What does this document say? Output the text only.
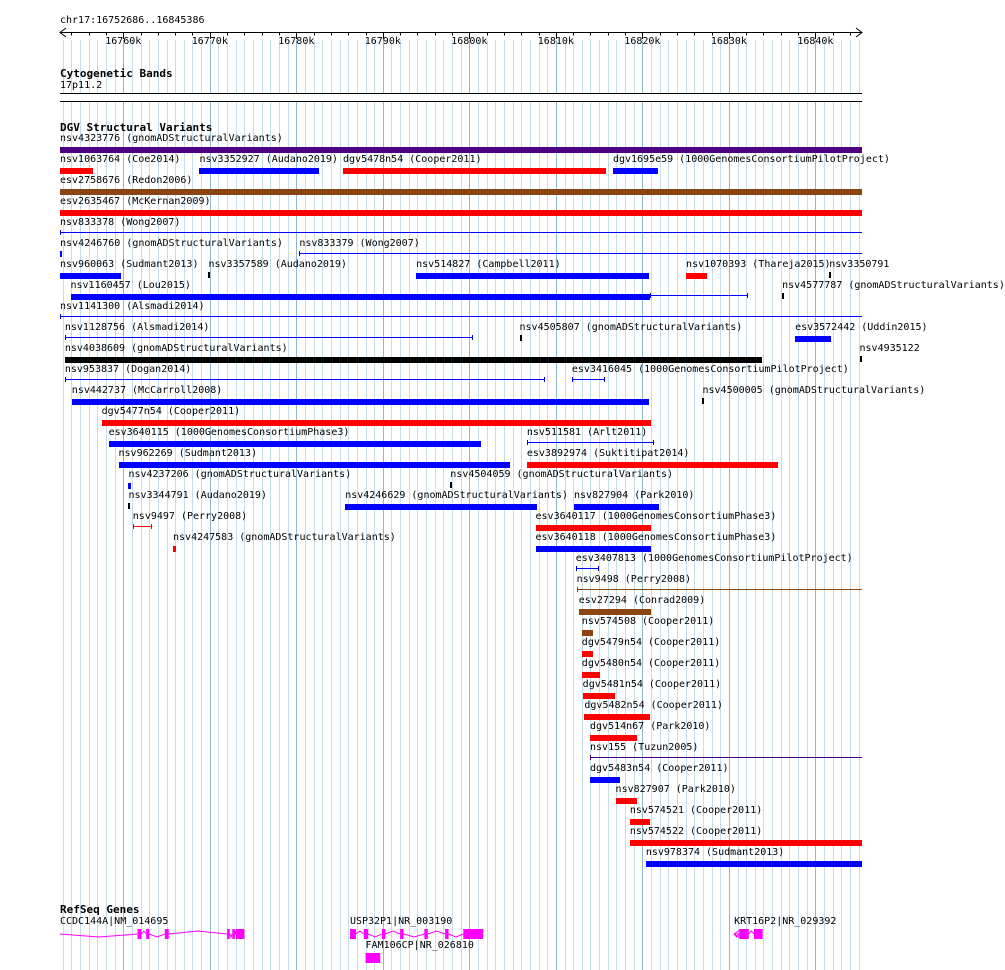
chr17:16752686..16845386
16760k	16770k	16780k	16790k	16800k	16810k	16820k	16830k	16840k
Cytogenetic Bands
17p11.2
DGV Structural Variants
nsv4323776 (gnomADStructuralVariants)
nsv1063764 (Coe2014) nsv3352927 (Audano2019) dgv5478n54 (Cooper2011)	dgv1695e59 (1000GenomesConsortiumPilotProject)
esv2758676 (Redon2006)
esv2635467 (McKernan2009)
nsv833378 (Wong2007)
nsv4246760 (gnomADStructuralVariants) nsv833379 (Wong2007)
nsv960063 (Sudmant2013) nsv3357589 (Audano2019)	nsv514827 (Campbell2011)	nsv1070393 (Thareja2015)
nsv3350791
nsv1160457 (Lou2015)	nsv4577787 (gnomADStructuralVariants)
nsv1141300 (Alsmadi2014)
nsv1128756 (Alsmadi2014)	nsv4505807 (gnomADStructuralVariants)	esv3572442 (Uddin2015)
nsv4038609 (gnomADStructuralVariants)	nsv4935122
nsv953837 (Dogan2014)	esv3416045 (1000GenomesConsortiumPilotProject)
nsv442737 (McCarroll2008)	nsv4500005 (gnomADStructuralVariants)
dgv5477n54 (Cooper2011)
esv3640115 (1000GenomesConsortiumPhase3)	nsv511581 (Arlt2011)
nsv962269 (Sudmant2013)	esv3892974 (Suktitipat2014)
nsv4237206 (gnomADStructuralVariants)	nsv4504059 (gnomADStructuralVariants)
nsv3344791 (Audano2019)	nsv4246629 (gnomADStructuralVariants) nsv827904 (Park2010)
nsv9497 (Perry2008)	esv3640117 (1000GenomesConsortiumPhase3)
nsv4247583 (gnomADStructuralVariants)	esv3640118 (1000GenomesConsortiumPhase3)
esv3407813 (1000GenomesConsortiumPilotProject)
nsv9498 (Perry2008)
esv27294 (Conrad2009)
nsv574508 (Cooper2011)
dgv5479n54 (Cooper2011)
dgv5480n54 (Cooper2011)
dgv5481n54 (Cooper2011)
dgv5482n54 (Cooper2011)
dgv514n67 (Park2010)
nsv155 (Tuzun2005)
dgv5483n54 (Cooper2011)
nsv827907 (Park2010)
nsv574521 (Cooper2011)
nsv574522 (Cooper2011)
nsv978374 (Sudmant2013)
RefSeq Genes
CCDC144A|NM_014695	USP32P1|NR_003190	KRT16P2|NR_029392
FAM106CP|NR_026810
